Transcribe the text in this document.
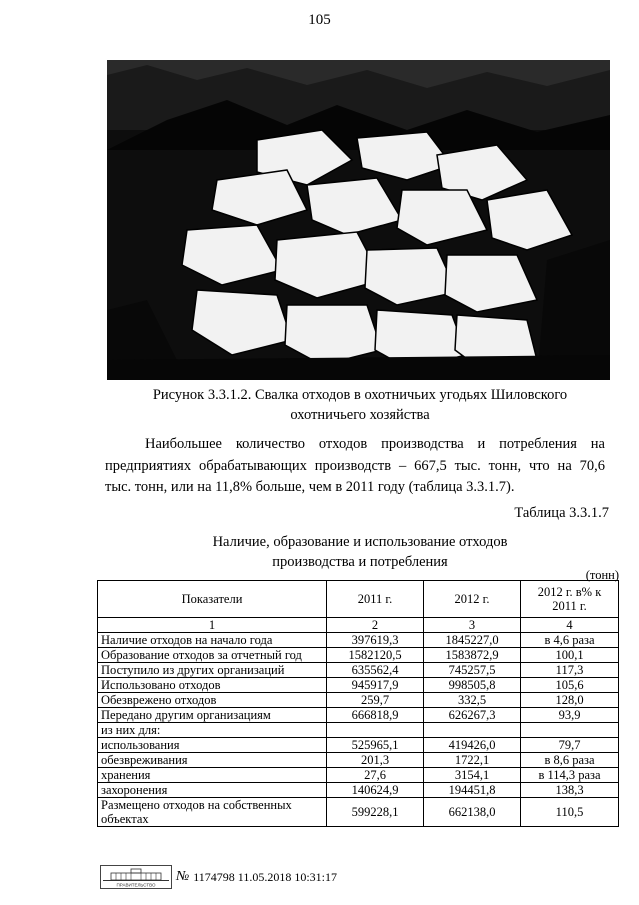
105
Рисунок 3.3.1.2. Свалка отходов в охотничьих угодьях Шиловского
охотничьего хозяйства
Наибольшее количество отходов производства и потребления на
предприятиях обрабатывающих производств – 667,5 тыс. тонн, что на 70,6
тыс. тонн, или на 11,8% больше, чем в 2011 году (таблица 3.3.1.7).
Таблица 3.3.1.7
Наличие, образование и использование отходов
производства и потребления
(тонн)
Показатели	2011 г.	2012 г.	2012 г. в% к 2011 г.
1	2	3	4
Наличие отходов на начало года	397619,3	1845227,0	в 4,6 раза
Образование отходов за отчетный год	1582120,5	1583872,9	100,1
Поступило из других организаций	635562,4	745257,5	117,3
Использовано отходов	945917,9	998505,8	105,6
Обезврежено отходов	259,7	332,5	128,0
Передано другим организациям	666818,9	626267,3	93,9
из них для:			
использования	525965,1	419426,0	79,7
обезвреживания	201,3	1722,1	в 8,6 раза
хранения	27,6	3154,1	в 114,3 раза
захоронения	140624,9	194451,8	138,3
Размещено отходов на собственных объектах	599228,1	662138,0	110,5
ПРАВИТЕЛЬСТВО
№ 1174798 11.05.2018 10:31:17
